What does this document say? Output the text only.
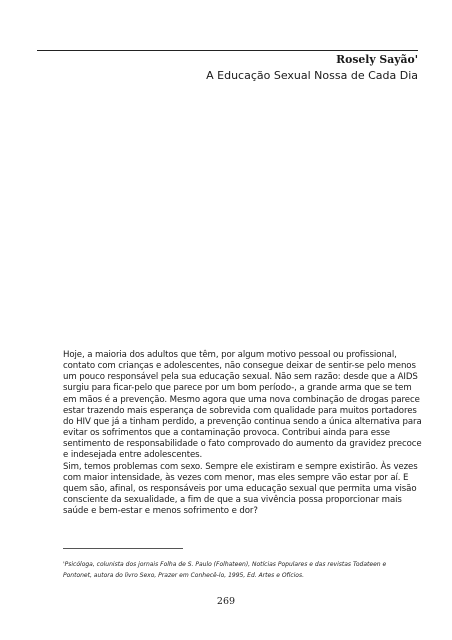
Rosely Sayão'
A Educação Sexual Nossa de Cada Dia

Hoje, a maioria dos adultos que têm, por algum motivo pessoal ou profissional, contato com crianças e adolescentes, não consegue deixar de sentir-se pelo menos um pouco responsável pela sua educação sexual. Não sem razão: desde que a AIDS surgiu para ficar-pelo que parece por um bom período-, a grande arma que se tem em mãos é a prevenção. Mesmo agora que uma nova combinação de drogas parece estar trazendo mais esperança de sobrevida com qualidade para muitos portadores do HIV que já a tinham perdido, a prevenção continua sendo a única alternativa para evitar os sofrimentos que a contaminação provoca. Contribui ainda para esse sentimento de responsabilidade o fato comprovado do aumento da gravidez precoce e indesejada entre adolescentes.

Sim, temos problemas com sexo. Sempre ele existiram e sempre existirão. Às vezes com maior intensidade, às vezes com menor, mas eles sempre vão estar por aí. E quem são, afinal, os responsáveis por uma educação sexual que permita uma visão consciente da sexualidade, a fim de que a sua vivência possa proporcionar mais saúde e bem-estar e menos sofrimento e dor?

'Psicóloga, colunista dos jornais Folha de S. Paulo (Folhateen), Notícias Populares e das revistas Todateen e Pontonet, autora do livro Sexo, Prazer em Conhecê-lo, 1995, Ed. Artes e Ofícios.
269
